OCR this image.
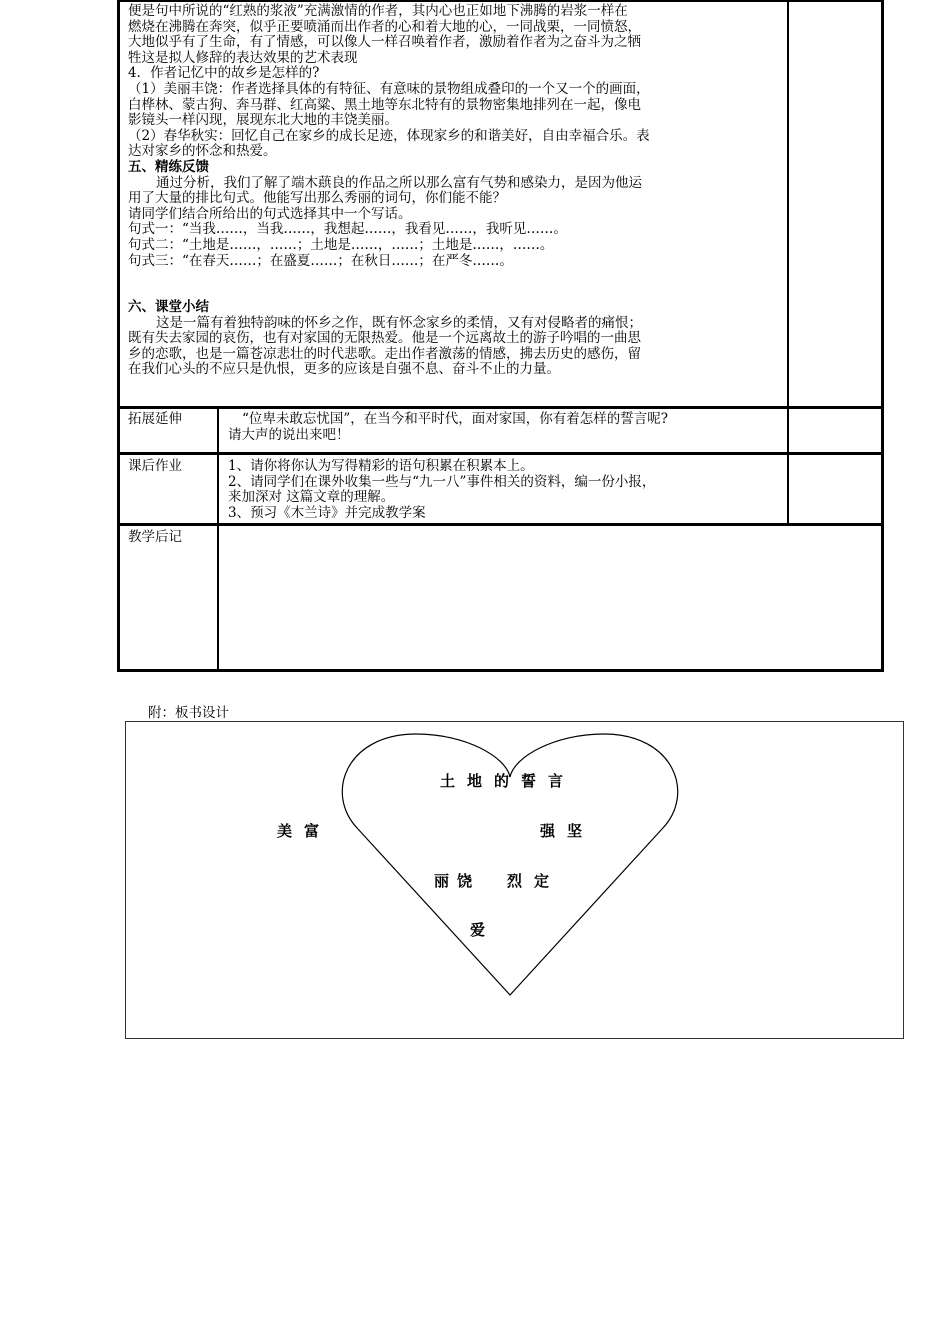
便是句中所说的“红熟的浆液”充满激情的作者，其内心也正如地下沸腾的岩浆一样在

燃烧在沸腾在奔突，似乎正要喷涌而出作者的心和着大地的心，一同战栗，一同愤怒，

大地似乎有了生命，有了情感，可以像人一样召唤着作者，激励着作者为之奋斗为之牺

牲这是拟人修辞的表达效果的艺术表现

4．作者记忆中的故乡是怎样的?

（1）美丽丰饶：作者选择具体的有特征、有意味的景物组成叠印的一个又一个的画面，

白桦林、蒙古狗、奔马群、红高粱、黑土地等东北特有的景物密集地排列在一起，像电

影镜头一样闪现，展现东北大地的丰饶美丽。

（2）春华秋实：回忆自己在家乡的成长足迹，体现家乡的和谐美好，自由幸福合乐。表

达对家乡的怀念和热爱。

五、精练反馈

通过分析，我们了解了端木蕻良的作品之所以那么富有气势和感染力，是因为他运

用了大量的排比句式。他能写出那么秀丽的词句，你们能不能？

请同学们结合所给出的句式选择其中一个写话。

句式一：“当我……，当我……，我想起……，我看见……，我听见……。

句式二：“土地是……，……；土地是……，……；土地是……，……。

句式三：“在春天……；在盛夏……；在秋日……；在严冬……。

六、课堂小结

这是一篇有着独特韵味的怀乡之作，既有怀念家乡的柔情，又有对侵略者的痛恨；

既有失去家园的哀伤，也有对家国的无限热爱。他是一个远离故土的游子吟唱的一曲思

乡的恋歌，也是一篇苍凉悲壮的时代悲歌。走出作者激荡的情感，拂去历史的感伤，留

在我们心头的不应只是仇恨，更多的应该是自强不息、奋斗不止的力量。

拓展延伸	“位卑未敢忘忧国”，在当今和平时代，面对家国，你有着怎样的誓言呢?

请大声的说出来吧！

课后作业	1、请你将你认为写得精彩的语句积累在积累本上。

2、请同学们在课外收集一些与“九一八”事件相关的资料，编一份小报，

来加深对 这篇文章的理解。

3、预习《木兰诗》并完成教学案

教学后记
附：板书设计
土地的誓言
美富	强坚
丽饶 烈定
爱
